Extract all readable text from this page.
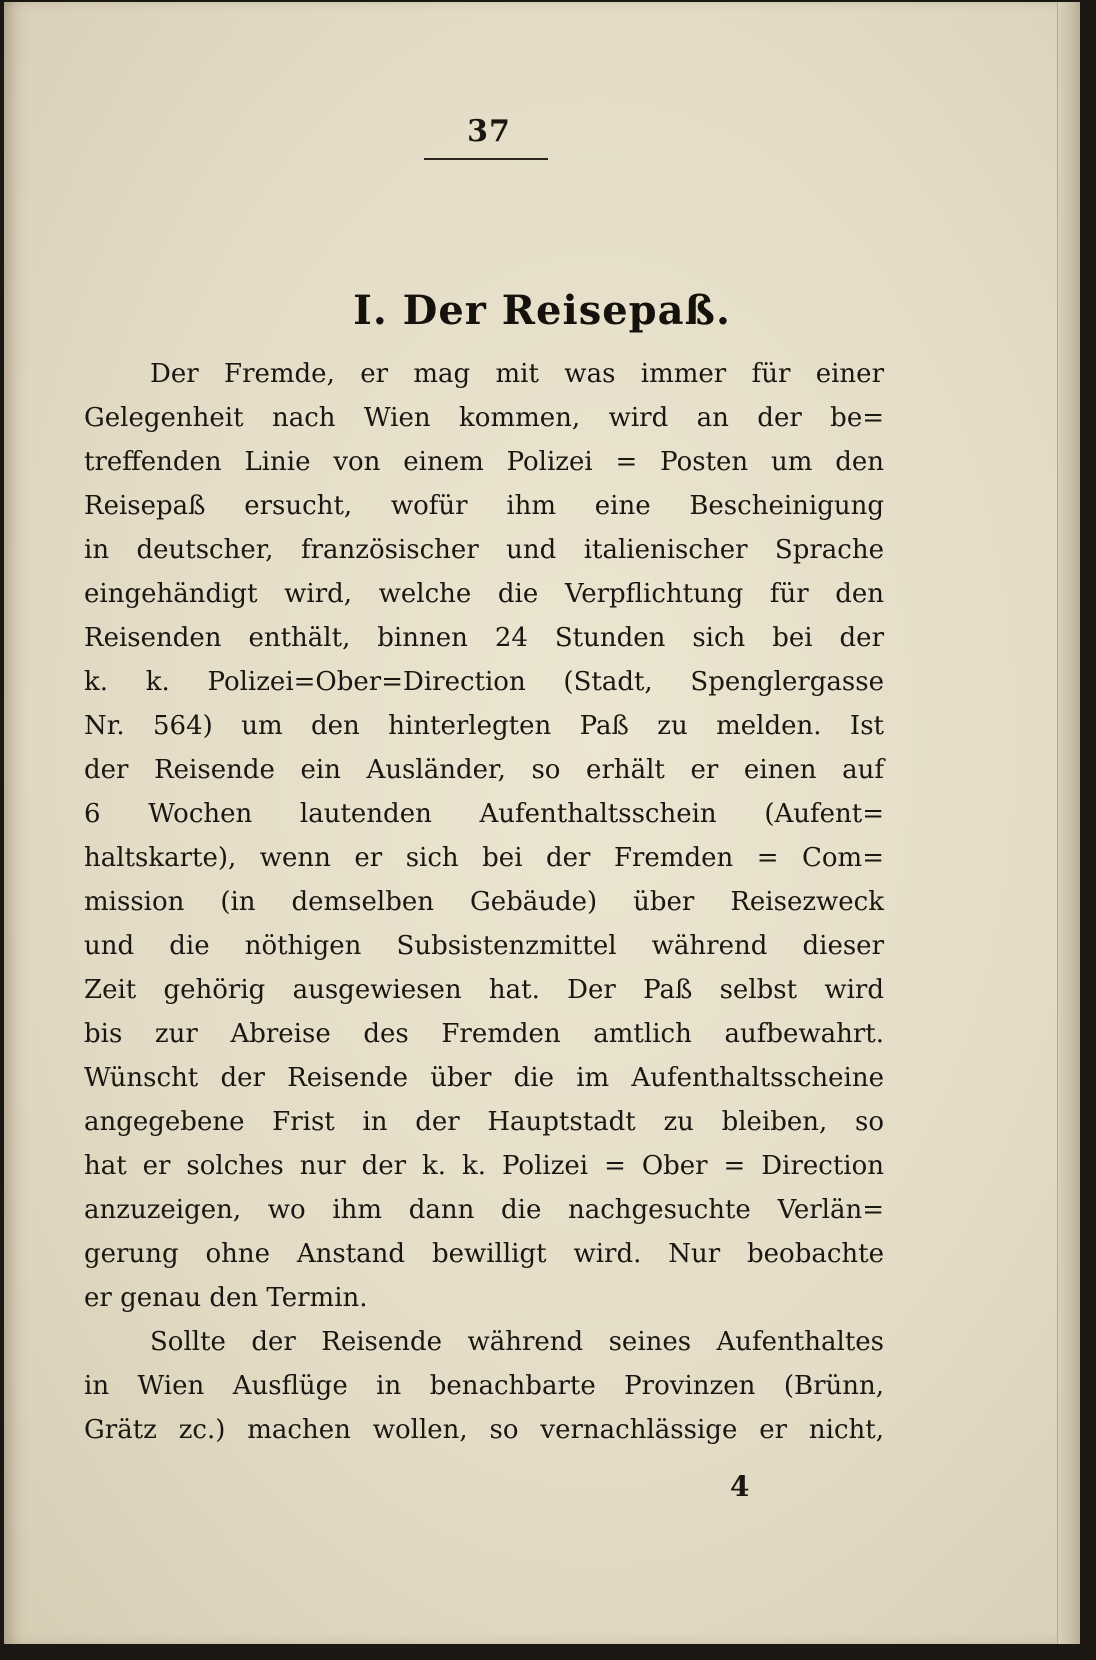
37
I. Der Reisepaß.
Der Fremde, er mag mit was immer für einer
Gelegenheit nach Wien kommen, wird an der be=
treffenden Linie von einem Polizei = Posten um den
Reisepaß ersucht, wofür ihm eine Bescheinigung
in deutscher, französischer und italienischer Sprache
eingehändigt wird, welche die Verpflichtung für den
Reisenden enthält, binnen 24 Stunden sich bei der
k. k. Polizei=Ober=Direction (Stadt, Spenglergasse
Nr. 564) um den hinterlegten Paß zu melden. Ist
der Reisende ein Ausländer, so erhält er einen auf
6 Wochen lautenden Aufenthaltsschein (Aufent=
haltskarte), wenn er sich bei der Fremden = Com=
mission (in demselben Gebäude) über Reisezweck
und die nöthigen Subsistenzmittel während dieser
Zeit gehörig ausgewiesen hat. Der Paß selbst wird
bis zur Abreise des Fremden amtlich aufbewahrt.
Wünscht der Reisende über die im Aufenthaltsscheine
angegebene Frist in der Hauptstadt zu bleiben, so
hat er solches nur der k. k. Polizei = Ober = Direction
anzuzeigen, wo ihm dann die nachgesuchte Verlän=
gerung ohne Anstand bewilligt wird. Nur beobachte
er genau den Termin.
Sollte der Reisende während seines Aufenthaltes
in Wien Ausflüge in benachbarte Provinzen (Brünn,
Grätz zc.) machen wollen, so vernachlässige er nicht,
4
